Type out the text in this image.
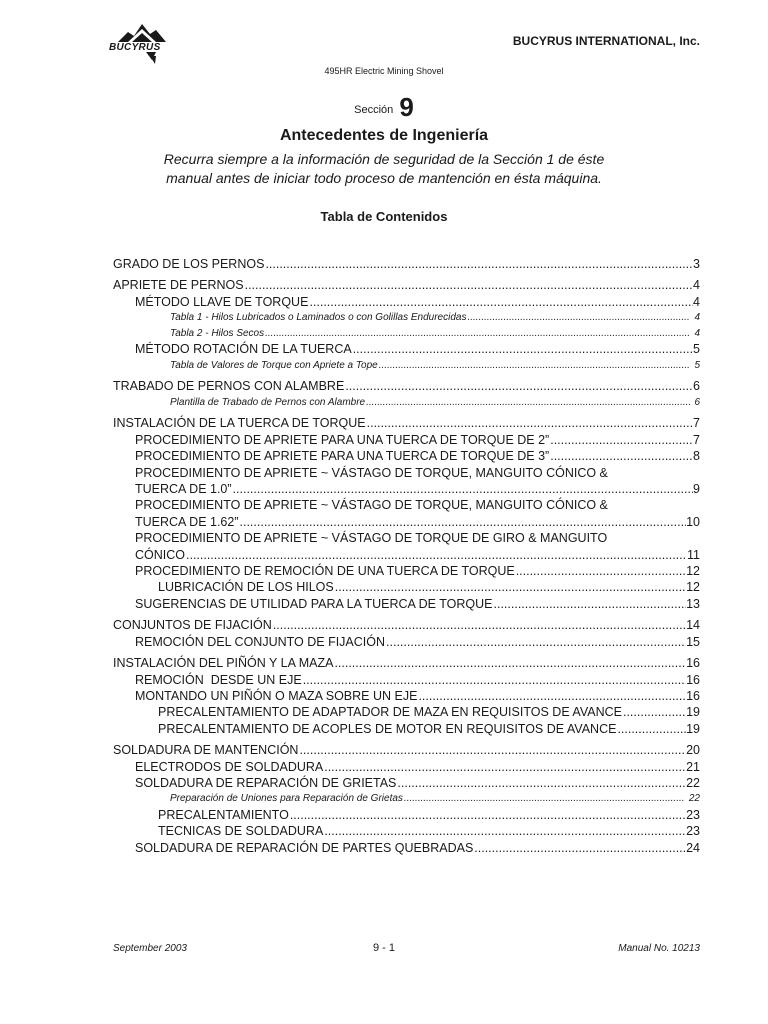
BUCYRUS	BUCYRUS INTERNATIONAL, Inc.
495HR Electric Mining Shovel
Sección 9
Antecedentes de Ingeniería
Recurra siempre a la información de seguridad de la Sección 1 de éste
manual antes de iniciar todo proceso de mantención en ésta máquina.
Tabla de Contenidos
GRADO DE LOS PERNOS .....	3
APRIETE DE PERNOS .....	4
MÉTODO LLAVE DE TORQUE .....	4
Tabla 1 - Hilos Lubricados o Laminados o con Golillas Endurecidas .....	4
Tabla 2 - Hilos Secos .....	4
MÉTODO ROTACIÓN DE LA TUERCA .....	5
Tabla de Valores de Torque con Apriete a Tope .....	5
TRABADO DE PERNOS CON ALAMBRE .....	6
Plantilla de Trabado de Pernos con Alambre .....	6
INSTALACIÓN DE LA TUERCA DE TORQUE .....	7
PROCEDIMIENTO DE APRIETE PARA UNA TUERCA DE TORQUE DE 2” .....	7
PROCEDIMIENTO DE APRIETE PARA UNA TUERCA DE TORQUE DE 3” .....	8
PROCEDIMIENTO DE APRIETE ~ VÁSTAGO DE TORQUE, MANGUITO CÓNICO &
TUERCA DE 1.0” .....	9
PROCEDIMIENTO DE APRIETE ~ VÁSTAGO DE TORQUE, MANGUITO CÓNICO &
TUERCA DE 1.62” .....	10
PROCEDIMIENTO DE APRIETE ~ VÁSTAGO DE TORQUE DE GIRO & MANGUITO
CÓNICO .....	11
PROCEDIMIENTO DE REMOCIÓN DE UNA TUERCA DE TORQUE .....	12
LUBRICACIÓN DE LOS HILOS .....	12
SUGERENCIAS DE UTILIDAD PARA LA TUERCA DE TORQUE .....	13
CONJUNTOS DE FIJACIÓN .....	14
REMOCIÓN DEL CONJUNTO DE FIJACIÓN .....	15
INSTALACIÓN DEL PIÑÓN Y LA MAZA .....	16
REMOCIÓN  DESDE UN EJE .....	16
MONTANDO UN PIÑÓN O MAZA SOBRE UN EJE .....	16
PRECALENTAMIENTO DE ADAPTADOR DE MAZA EN REQUISITOS DE AVANCE .....	19
PRECALENTAMIENTO DE ACOPLES DE MOTOR EN REQUISITOS DE AVANCE .....	19
SOLDADURA DE MANTENCIÓN .....	20
ELECTRODOS DE SOLDADURA .....	21
SOLDADURA DE REPARACIÓN DE GRIETAS .....	22
Preparación de Uniones para Reparación de Grietas .....	22
PRECALENTAMIENTO .....	23
TECNICAS DE SOLDADURA .....	23
SOLDADURA DE REPARACIÓN DE PARTES QUEBRADAS .....	24
September 2003	9 - 1	Manual No. 10213
